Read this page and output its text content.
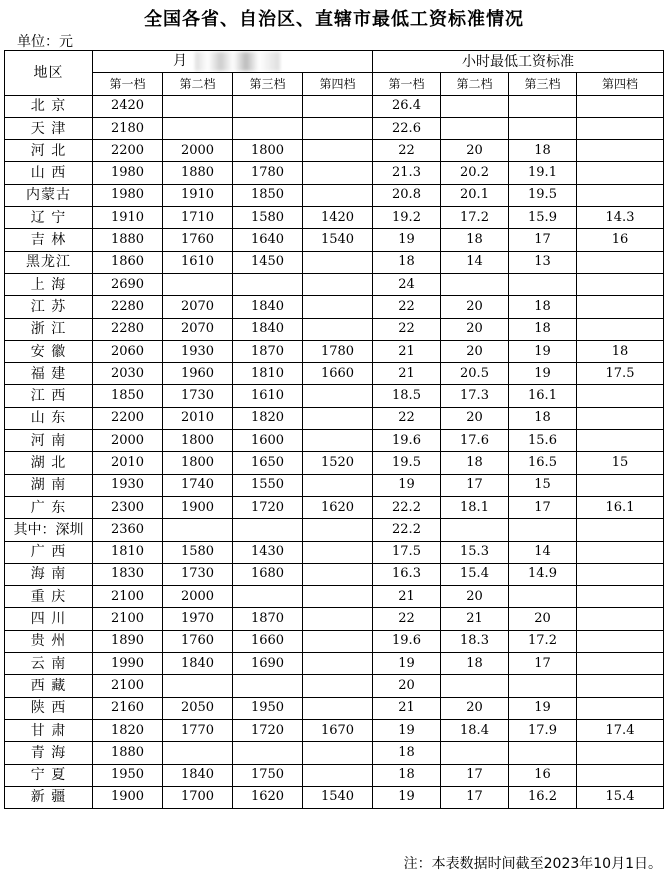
全国各省、自治区、直辖市最低工资标准情况
单位：元
地区	月				小时最低工资标准			
	第一档	第二档	第三档	第四档	第一档	第二档	第三档	第四档
北 京	2420				26.4			
天 津	2180				22.6			
河 北	2200	2000	1800		22	20	18	
山 西	1980	1880	1780		21.3	20.2	19.1	
内蒙古	1980	1910	1850		20.8	20.1	19.5	
辽 宁	1910	1710	1580	1420	19.2	17.2	15.9	14.3
吉 林	1880	1760	1640	1540	19	18	17	16
黑龙江	1860	1610	1450		18	14	13	
上 海	2690				24			
江 苏	2280	2070	1840		22	20	18	
浙 江	2280	2070	1840		22	20	18	
安 徽	2060	1930	1870	1780	21	20	19	18
福 建	2030	1960	1810	1660	21	20.5	19	17.5
江 西	1850	1730	1610		18.5	17.3	16.1	
山 东	2200	2010	1820		22	20	18	
河 南	2000	1800	1600		19.6	17.6	15.6	
湖 北	2010	1800	1650	1520	19.5	18	16.5	15
湖 南	1930	1740	1550		19	17	15	
广 东	2300	1900	1720	1620	22.2	18.1	17	16.1
其中：深圳	2360				22.2			
广 西	1810	1580	1430		17.5	15.3	14	
海 南	1830	1730	1680		16.3	15.4	14.9	
重 庆	2100	2000			21	20		
四 川	2100	1970	1870		22	21	20	
贵 州	1890	1760	1660		19.6	18.3	17.2	
云 南	1990	1840	1690		19	18	17	
西 藏	2100				20			
陕 西	2160	2050	1950		21	20	19	
甘 肃	1820	1770	1720	1670	19	18.4	17.9	17.4
青 海	1880				18			
宁 夏	1950	1840	1750		18	17	16	
新 疆	1900	1700	1620	1540	19	17	16.2	15.4
注：本表数据时间截至2023年10月1日。
